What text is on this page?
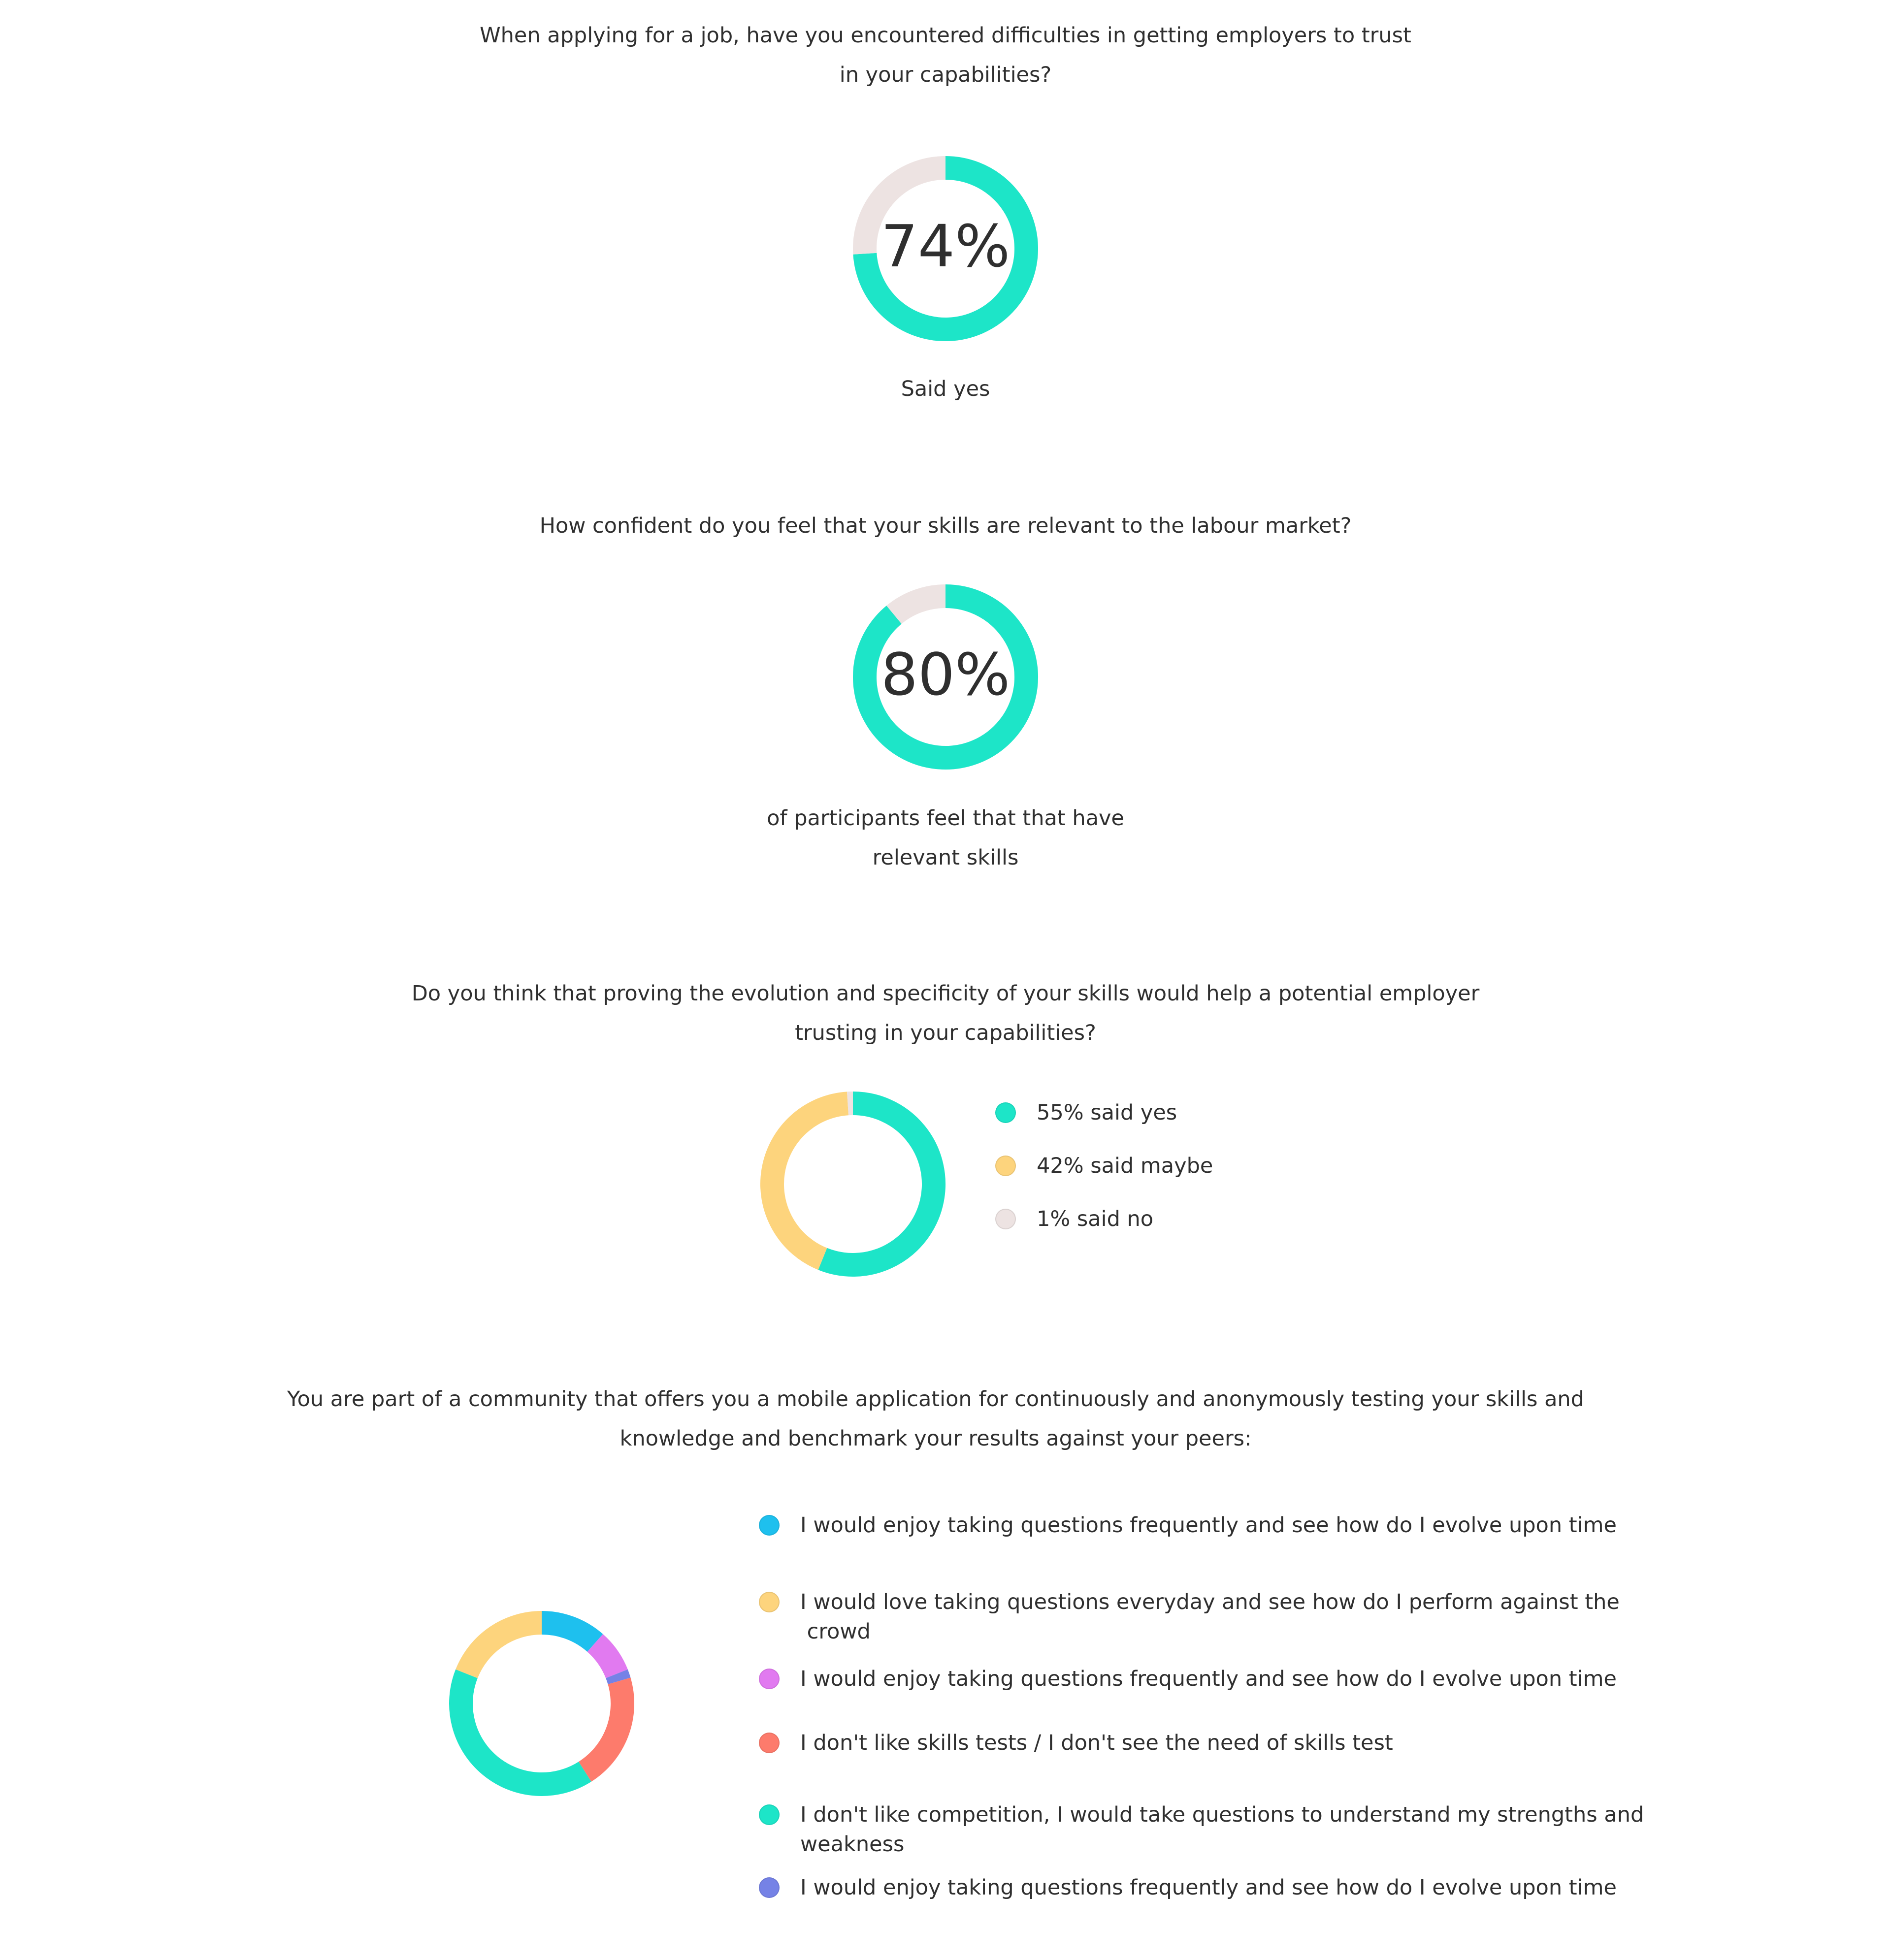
When applying for a job, have you encountered difficulties in getting employers to trust
in your capabilities?
74%
Said yes
How confident do you feel that your skills are relevant to the labour market?
80%
of participants feel that that have
relevant skills
Do you think that proving the evolution and specificity of your skills would help a potential employer
trusting in your capabilities?
55% said yes
42% said maybe
1% said no
You are part of a community that offers you a mobile application for continuously and anonymously testing your skills and
knowledge and benchmark your results against your peers:
I would enjoy taking questions frequently and see how do I evolve upon time
I would love taking questions everyday and see how do I perform against the
crowd
I would enjoy taking questions frequently and see how do I evolve upon time
I don't like skills tests / I don't see the need of skills test
I don't like competition, I would take questions to understand my strengths and
weakness
I would enjoy taking questions frequently and see how do I evolve upon time
